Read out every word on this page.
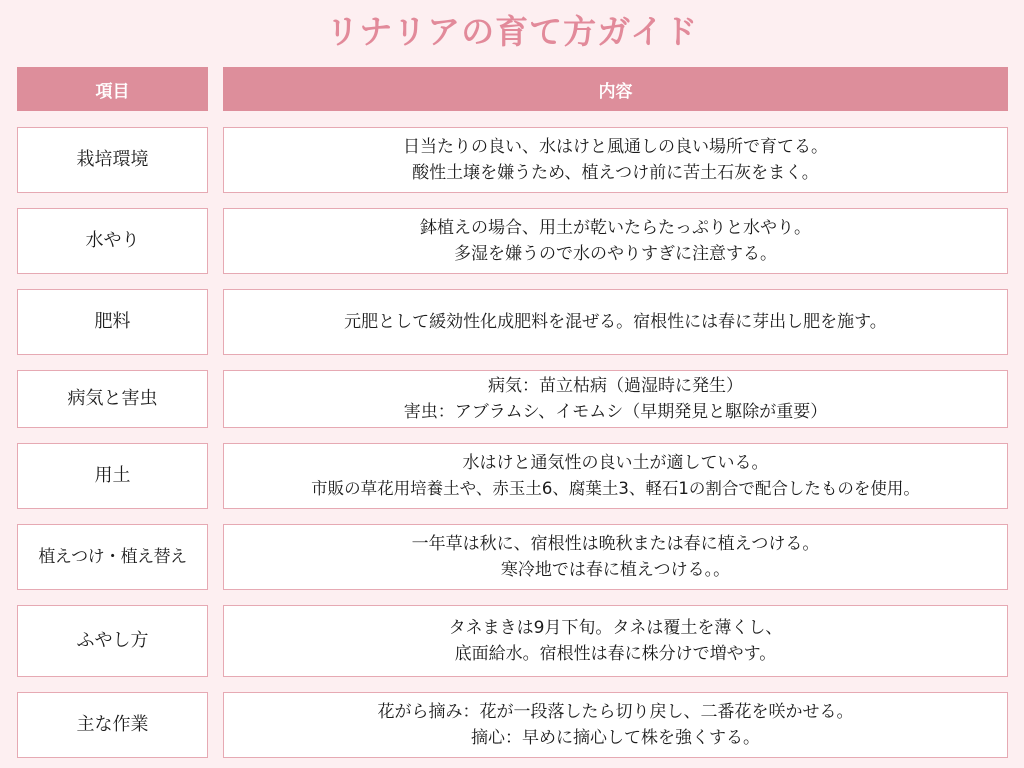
リナリアの育て方ガイド
項目	内容
栽培環境
日当たりの良い、水はけと風通しの良い場所で育てる。
酸性土壌を嫌うため、植えつけ前に苦土石灰をまく。
水やり
鉢植えの場合、用土が乾いたらたっぷりと水やり。
多湿を嫌うので水のやりすぎに注意する。
肥料	元肥として緩効性化成肥料を混ぜる。宿根性には春に芽出し肥を施す。
病気と害虫
病気：苗立枯病（過湿時に発生）
害虫：アブラムシ、イモムシ（早期発見と駆除が重要）
用土
水はけと通気性の良い土が適している。
市販の草花用培養土や、赤玉土6、腐葉土3、軽石1の割合で配合したものを使用。
植えつけ・植え替え
一年草は秋に、宿根性は晩秋または春に植えつける。
寒冷地では春に植えつける。。
ふやし方
タネまきは9月下旬。タネは覆土を薄くし、
底面給水。宿根性は春に株分けで増やす。
主な作業
花がら摘み：花が一段落したら切り戻し、二番花を咲かせる。
摘心：早めに摘心して株を強くする。
